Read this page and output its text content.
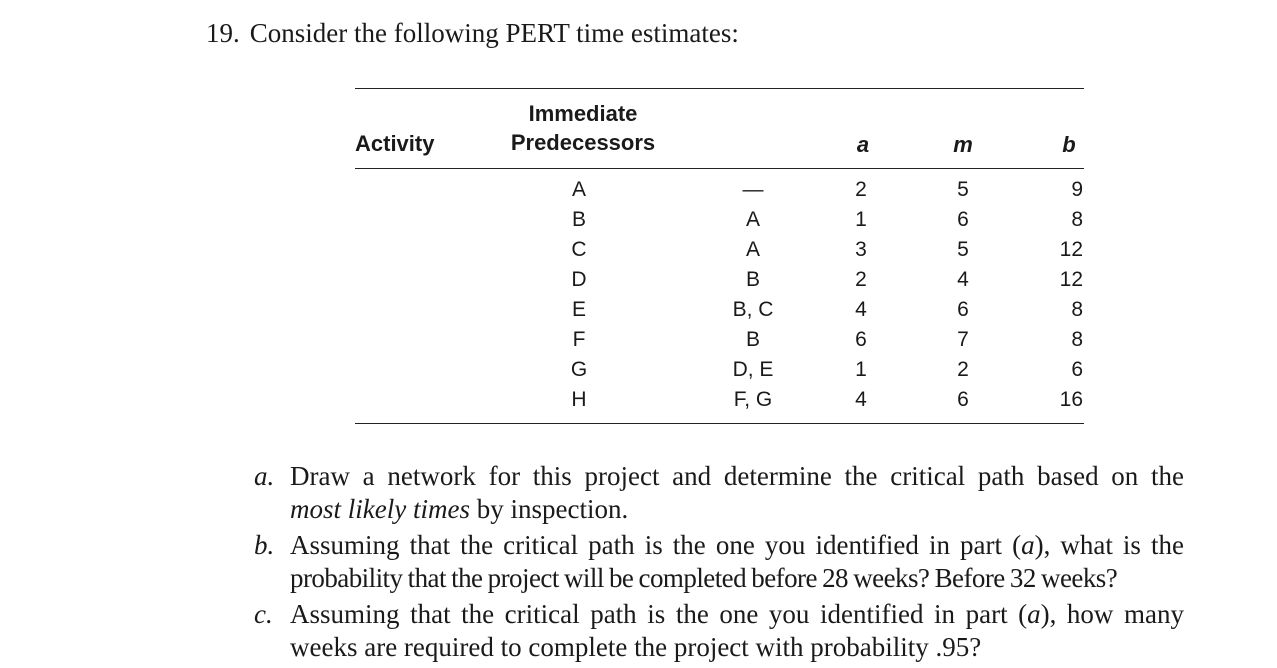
19. Consider the following PERT time estimates:
Activity
Immediate
Predecessors	a	m	b
A	—	2	5	9
B	A	1	6	8
C	A	3	5	12
D	B	2	4	12
E	B, C	4	6	8
F	B	6	7	8
G	D, E	1	2	6
H	F, G	4	6	16
a. Draw a network for this project and determine the critical path based on the
most likely times by inspection.
b. Assuming that the critical path is the one you identified in part (a), what is the
probability that the project will be completed before 28 weeks? Before 32 weeks?
c. Assuming that the critical path is the one you identified in part (a), how many
weeks are required to complete the project with probability .95?
